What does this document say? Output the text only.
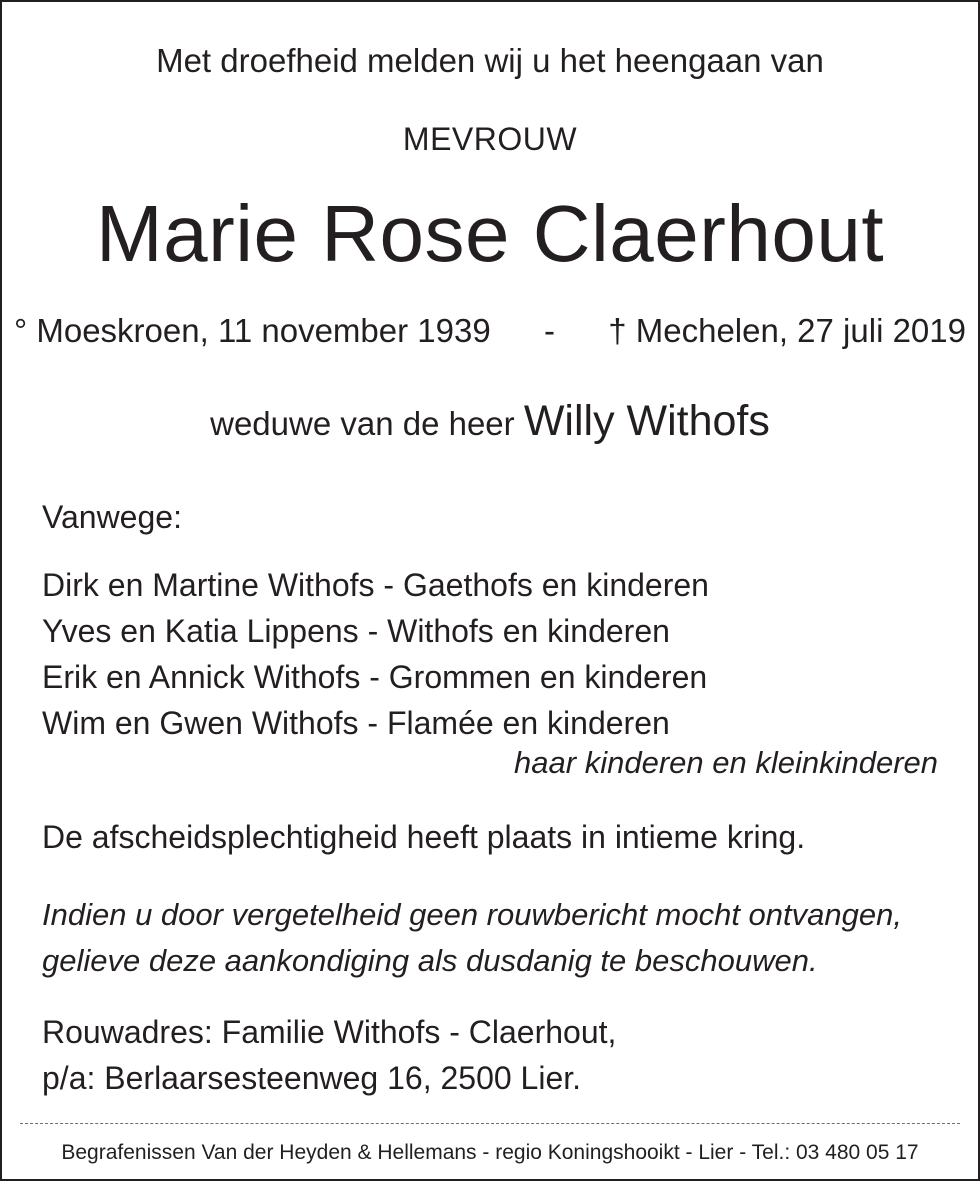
Met droefheid melden wij u het heengaan van
MEVROUW
Marie Rose Claerhout
° Moeskroen, 11 november 1939 - † Mechelen, 27 juli 2019
weduwe van de heer Willy Withofs
Vanwege:
Dirk en Martine Withofs - Gaethofs en kinderen
Yves en Katia Lippens - Withofs en kinderen
Erik en Annick Withofs - Grommen en kinderen
Wim en Gwen Withofs - Flamée en kinderen
haar kinderen en kleinkinderen
De afscheidsplechtigheid heeft plaats in intieme kring.
Indien u door vergetelheid geen rouwbericht mocht ontvangen,
gelieve deze aankondiging als dusdanig te beschouwen.
Rouwadres: Familie Withofs - Claerhout,
p/a: Berlaarsesteenweg 16, 2500 Lier.
Begrafenissen Van der Heyden & Hellemans - regio Koningshooikt - Lier - Tel.: 03 480 05 17
